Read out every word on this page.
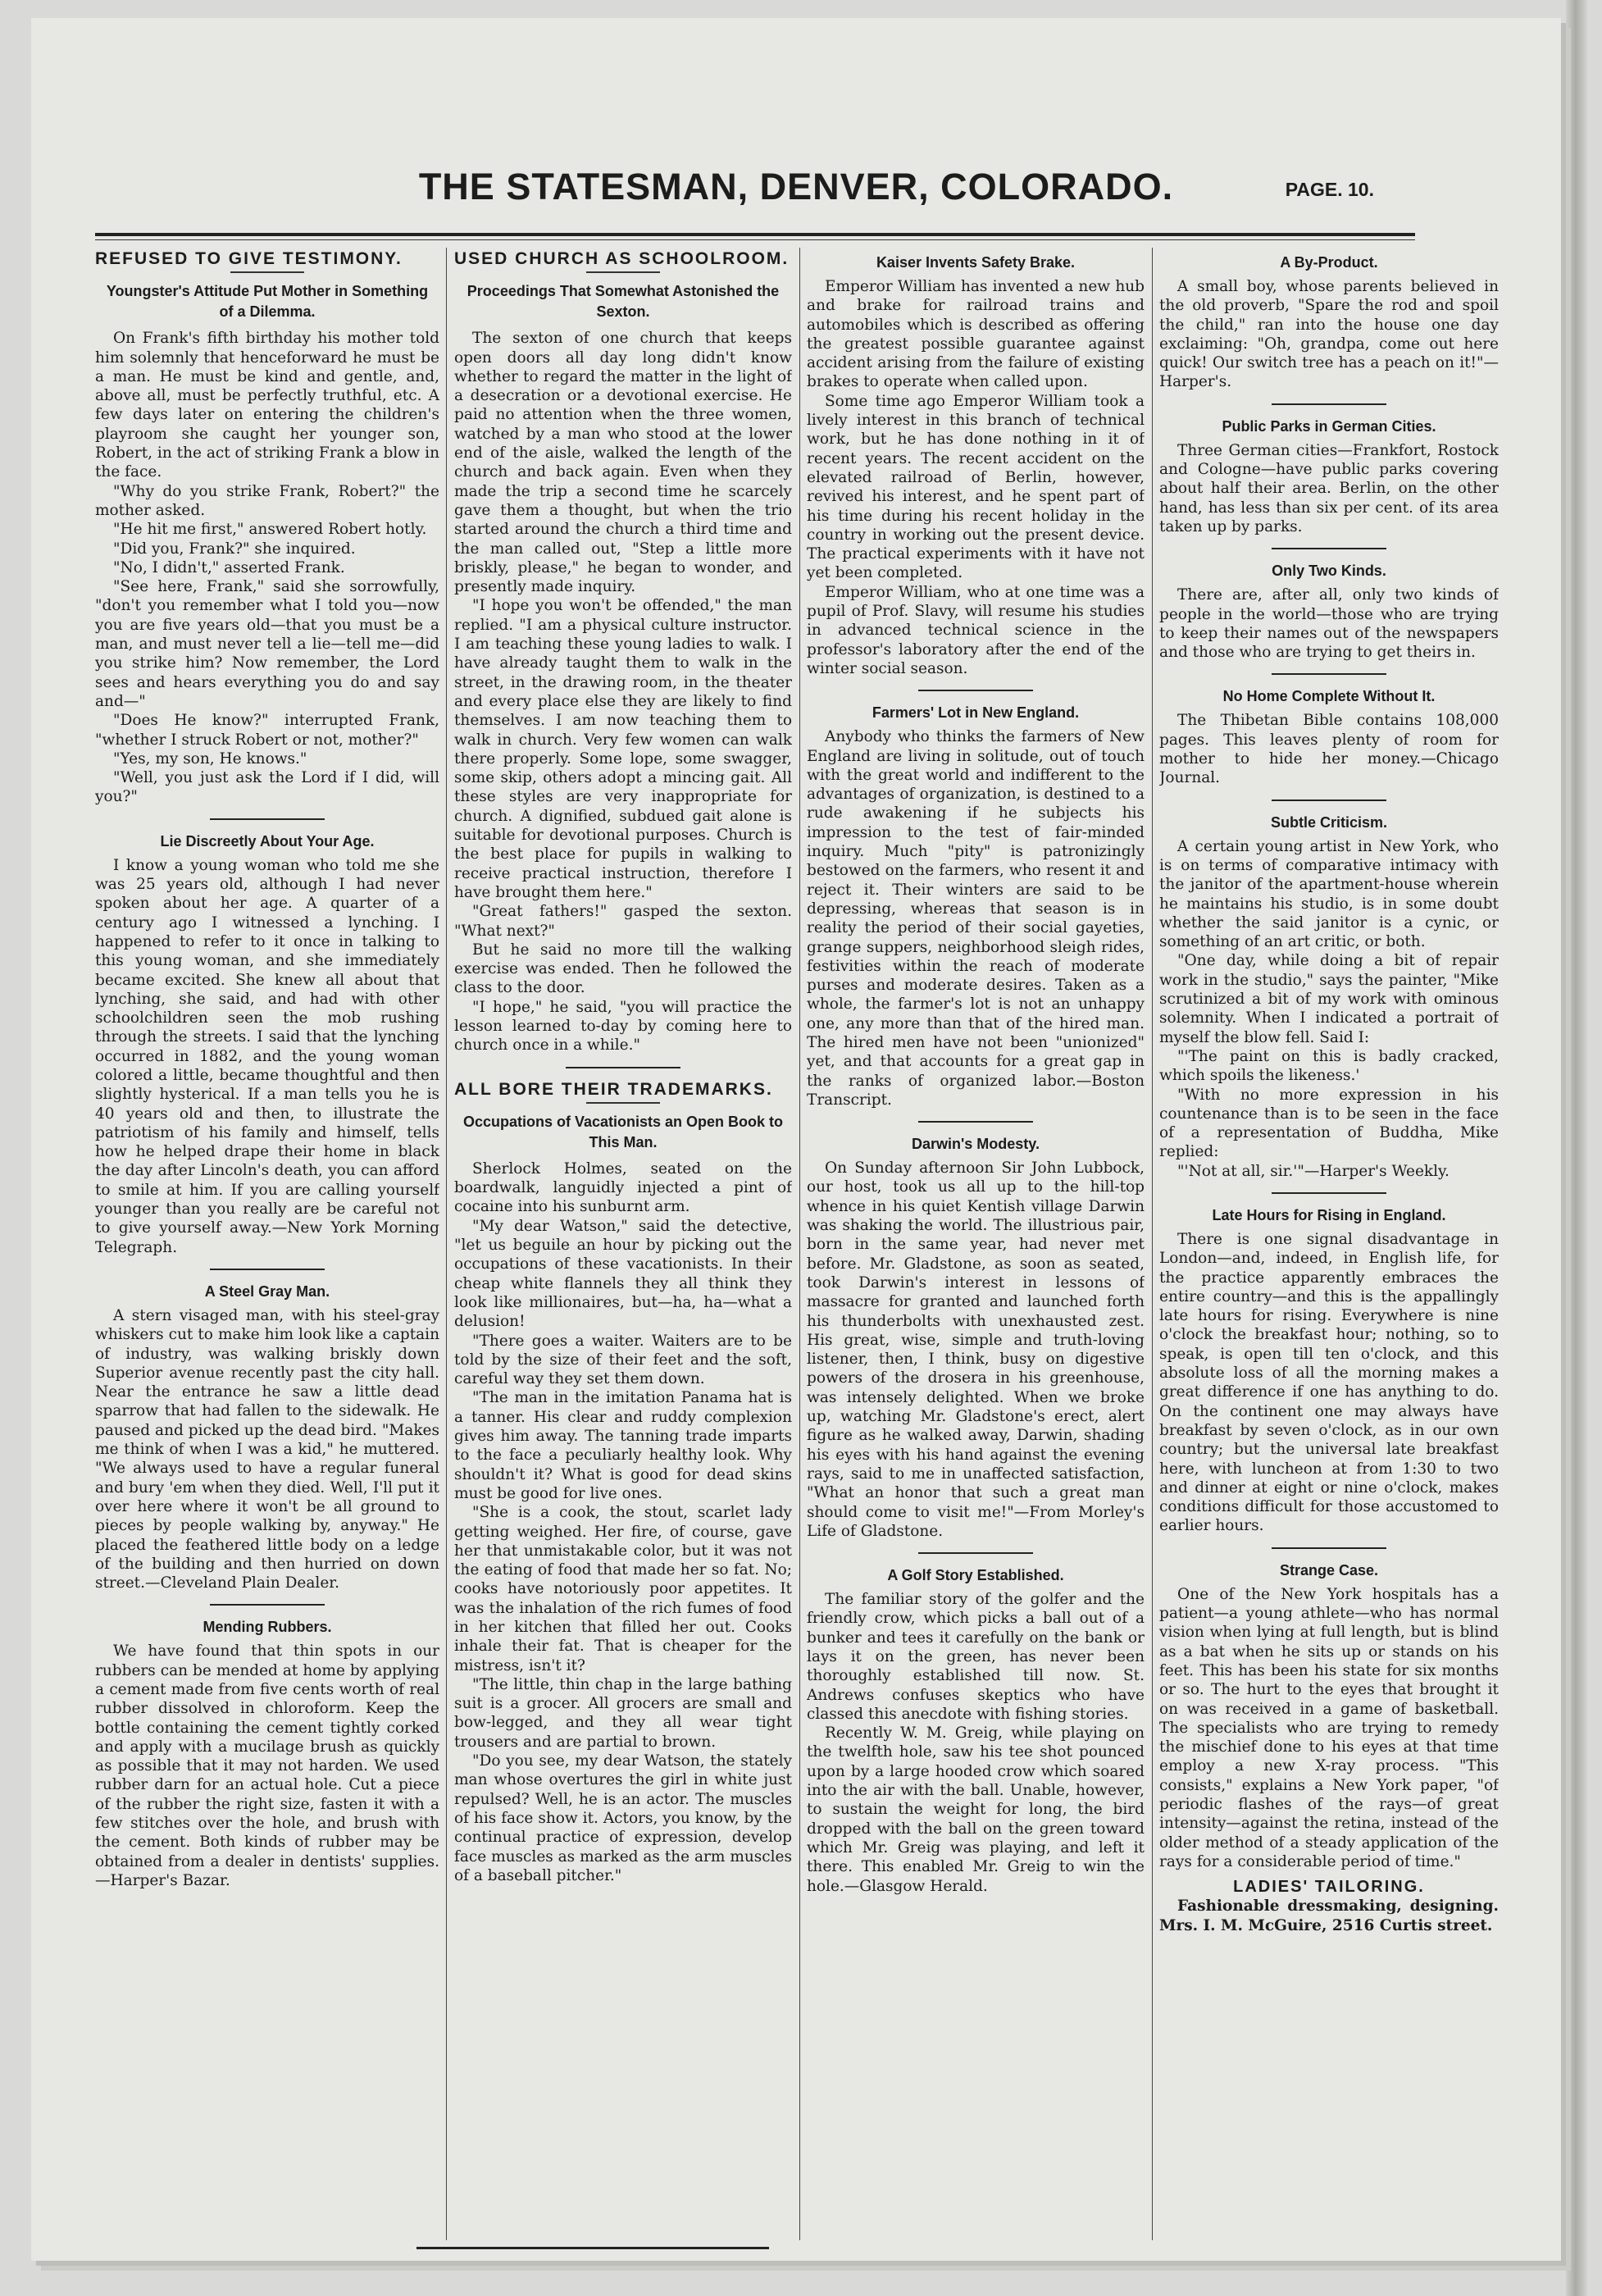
THE STATESMAN, DENVER, COLORADO.	PAGE. 10.
REFUSED TO GIVE TESTIMONY.
Youngster's Attitude Put Mother in Something of a Dilemma.

On Frank's fifth birthday his mother told him solemnly that henceforward he must be a man. He must be kind and gentle, and, above all, must be perfectly truthful, etc. A few days later on entering the children's playroom she caught her younger son, Robert, in the act of striking Frank a blow in the face.

"Why do you strike Frank, Robert?" the mother asked.

"He hit me first," answered Robert hotly.

"Did you, Frank?" she inquired.

"No, I didn't," asserted Frank.

"See here, Frank," said she sorrowfully, "don't you remember what I told you—now you are five years old—that you must be a man, and must never tell a lie—tell me—did you strike him? Now remember, the Lord sees and hears everything you do and say and—"

"Does He know?" interrupted Frank, "whether I struck Robert or not, mother?"

"Yes, my son, He knows."

"Well, you just ask the Lord if I did, will you?"

Lie Discreetly About Your Age.

I know a young woman who told me she was 25 years old, although I had never spoken about her age. A quarter of a century ago I witnessed a lynching. I happened to refer to it once in talking to this young woman, and she immediately became excited. She knew all about that lynching, she said, and had with other schoolchildren seen the mob rushing through the streets. I said that the lynching occurred in 1882, and the young woman colored a little, became thoughtful and then slightly hysterical. If a man tells you he is 40 years old and then, to illustrate the patriotism of his family and himself, tells how he helped drape their home in black the day after Lincoln's death, you can afford to smile at him. If you are calling yourself younger than you really are be careful not to give yourself away.—New York Morning Telegraph.

A Steel Gray Man.

A stern visaged man, with his steel-gray whiskers cut to make him look like a captain of industry, was walking briskly down Superior avenue recently past the city hall. Near the entrance he saw a little dead sparrow that had fallen to the sidewalk. He paused and picked up the dead bird. "Makes me think of when I was a kid," he muttered. "We always used to have a regular funeral and bury 'em when they died. Well, I'll put it over here where it won't be all ground to pieces by people walking by, anyway." He placed the feathered little body on a ledge of the building and then hurried on down street.—Cleveland Plain Dealer.

Mending Rubbers.

We have found that thin spots in our rubbers can be mended at home by applying a cement made from five cents worth of real rubber dissolved in chloroform. Keep the bottle containing the cement tightly corked and apply with a mucilage brush as quickly as possible that it may not harden. We used rubber darn for an actual hole. Cut a piece of the rubber the right size, fasten it with a few stitches over the hole, and brush with the cement. Both kinds of rubber may be obtained from a dealer in dentists' supplies.—Harper's Bazar.

USED CHURCH AS SCHOOLROOM.
Proceedings That Somewhat Astonished the Sexton.

The sexton of one church that keeps open doors all day long didn't know whether to regard the matter in the light of a desecration or a devotional exercise. He paid no attention when the three women, watched by a man who stood at the lower end of the aisle, walked the length of the church and back again. Even when they made the trip a second time he scarcely gave them a thought, but when the trio started around the church a third time and the man called out, "Step a little more briskly, please," he began to wonder, and presently made inquiry.

"I hope you won't be offended," the man replied. "I am a physical culture instructor. I am teaching these young ladies to walk. I have already taught them to walk in the street, in the drawing room, in the theater and every place else they are likely to find themselves. I am now teaching them to walk in church. Very few women can walk there properly. Some lope, some swagger, some skip, others adopt a mincing gait. All these styles are very inappropriate for church. A dignified, subdued gait alone is suitable for devotional purposes. Church is the best place for pupils in walking to receive practical instruction, therefore I have brought them here."

"Great fathers!" gasped the sexton. "What next?"

But he said no more till the walking exercise was ended. Then he followed the class to the door.

"I hope," he said, "you will practice the lesson learned to-day by coming here to church once in a while."

ALL BORE THEIR TRADEMARKS.
Occupations of Vacationists an Open Book to This Man.

Sherlock Holmes, seated on the boardwalk, languidly injected a pint of cocaine into his sunburnt arm.

"My dear Watson," said the detective, "let us beguile an hour by picking out the occupations of these vacationists. In their cheap white flannels they all think they look like millionaires, but—ha, ha—what a delusion!

"There goes a waiter. Waiters are to be told by the size of their feet and the soft, careful way they set them down.

"The man in the imitation Panama hat is a tanner. His clear and ruddy complexion gives him away. The tanning trade imparts to the face a peculiarly healthy look. Why shouldn't it? What is good for dead skins must be good for live ones.

"She is a cook, the stout, scarlet lady getting weighed. Her fire, of course, gave her that unmistakable color, but it was not the eating of food that made her so fat. No; cooks have notoriously poor appetites. It was the inhalation of the rich fumes of food in her kitchen that filled her out. Cooks inhale their fat. That is cheaper for the mistress, isn't it?

"The little, thin chap in the large bathing suit is a grocer. All grocers are small and bow-legged, and they all wear tight trousers and are partial to brown.

"Do you see, my dear Watson, the stately man whose overtures the girl in white just repulsed? Well, he is an actor. The muscles of his face show it. Actors, you know, by the continual practice of expression, develop face muscles as marked as the arm muscles of a baseball pitcher."

Kaiser Invents Safety Brake.

Emperor William has invented a new hub and brake for railroad trains and automobiles which is described as offering the greatest possible guarantee against accident arising from the failure of existing brakes to operate when called upon.

Some time ago Emperor William took a lively interest in this branch of technical work, but he has done nothing in it of recent years. The recent accident on the elevated railroad of Berlin, however, revived his interest, and he spent part of his time during his recent holiday in the country in working out the present device. The practical experiments with it have not yet been completed.

Emperor William, who at one time was a pupil of Prof. Slavy, will resume his studies in advanced technical science in the professor's laboratory after the end of the winter social season.

Farmers' Lot in New England.

Anybody who thinks the farmers of New England are living in solitude, out of touch with the great world and indifferent to the advantages of organization, is destined to a rude awakening if he subjects his impression to the test of fair-minded inquiry. Much "pity" is patronizingly bestowed on the farmers, who resent it and reject it. Their winters are said to be depressing, whereas that season is in reality the period of their social gayeties, grange suppers, neighborhood sleigh rides, festivities within the reach of moderate purses and moderate desires. Taken as a whole, the farmer's lot is not an unhappy one, any more than that of the hired man. The hired men have not been "unionized" yet, and that accounts for a great gap in the ranks of organized labor.—Boston Transcript.

Darwin's Modesty.

On Sunday afternoon Sir John Lubbock, our host, took us all up to the hill-top whence in his quiet Kentish village Darwin was shaking the world. The illustrious pair, born in the same year, had never met before. Mr. Gladstone, as soon as seated, took Darwin's interest in lessons of massacre for granted and launched forth his thunderbolts with unexhausted zest. His great, wise, simple and truth-loving listener, then, I think, busy on digestive powers of the drosera in his greenhouse, was intensely delighted. When we broke up, watching Mr. Gladstone's erect, alert figure as he walked away, Darwin, shading his eyes with his hand against the evening rays, said to me in unaffected satisfaction, "What an honor that such a great man should come to visit me!"—From Morley's Life of Gladstone.

A Golf Story Established.

The familiar story of the golfer and the friendly crow, which picks a ball out of a bunker and tees it carefully on the bank or lays it on the green, has never been thoroughly established till now. St. Andrews confuses skeptics who have classed this anecdote with fishing stories.

Recently W. M. Greig, while playing on the twelfth hole, saw his tee shot pounced upon by a large hooded crow which soared into the air with the ball. Unable, however, to sustain the weight for long, the bird dropped with the ball on the green toward which Mr. Greig was playing, and left it there. This enabled Mr. Greig to win the hole.—Glasgow Herald.

A By-Product.

A small boy, whose parents believed in the old proverb, "Spare the rod and spoil the child," ran into the house one day exclaiming: "Oh, grandpa, come out here quick! Our switch tree has a peach on it!"—Harper's.

Public Parks in German Cities.

Three German cities—Frankfort, Rostock and Cologne—have public parks covering about half their area. Berlin, on the other hand, has less than six per cent. of its area taken up by parks.

Only Two Kinds.

There are, after all, only two kinds of people in the world—those who are trying to keep their names out of the newspapers and those who are trying to get theirs in.

No Home Complete Without It.

The Thibetan Bible contains 108,000 pages. This leaves plenty of room for mother to hide her money.—Chicago Journal.

Subtle Criticism.

A certain young artist in New York, who is on terms of comparative intimacy with the janitor of the apartment-house wherein he maintains his studio, is in some doubt whether the said janitor is a cynic, or something of an art critic, or both.

"One day, while doing a bit of repair work in the studio," says the painter, "Mike scrutinized a bit of my work with ominous solemnity. When I indicated a portrait of myself the blow fell. Said I:

"'The paint on this is badly cracked, which spoils the likeness.'

"With no more expression in his countenance than is to be seen in the face of a representation of Buddha, Mike replied:

"'Not at all, sir.'"—Harper's Weekly.

Late Hours for Rising in England.

There is one signal disadvantage in London—and, indeed, in English life, for the practice apparently embraces the entire country—and this is the appallingly late hours for rising. Everywhere is nine o'clock the breakfast hour; nothing, so to speak, is open till ten o'clock, and this absolute loss of all the morning makes a great difference if one has anything to do. On the continent one may always have breakfast by seven o'clock, as in our own country; but the universal late breakfast here, with luncheon at from 1:30 to two and dinner at eight or nine o'clock, makes conditions difficult for those accustomed to earlier hours.

Strange Case.

One of the New York hospitals has a patient—a young athlete—who has normal vision when lying at full length, but is blind as a bat when he sits up or stands on his feet. This has been his state for six months or so. The hurt to the eyes that brought it on was received in a game of basketball. The specialists who are trying to remedy the mischief done to his eyes at that time employ a new X-ray process. "This consists," explains a New York paper, "of periodic flashes of the rays—of great intensity—against the retina, instead of the older method of a steady application of the rays for a considerable period of time."

LADIES' TAILORING.

Fashionable dressmaking, designing. Mrs. I. M. McGuire, 2516 Curtis street.
